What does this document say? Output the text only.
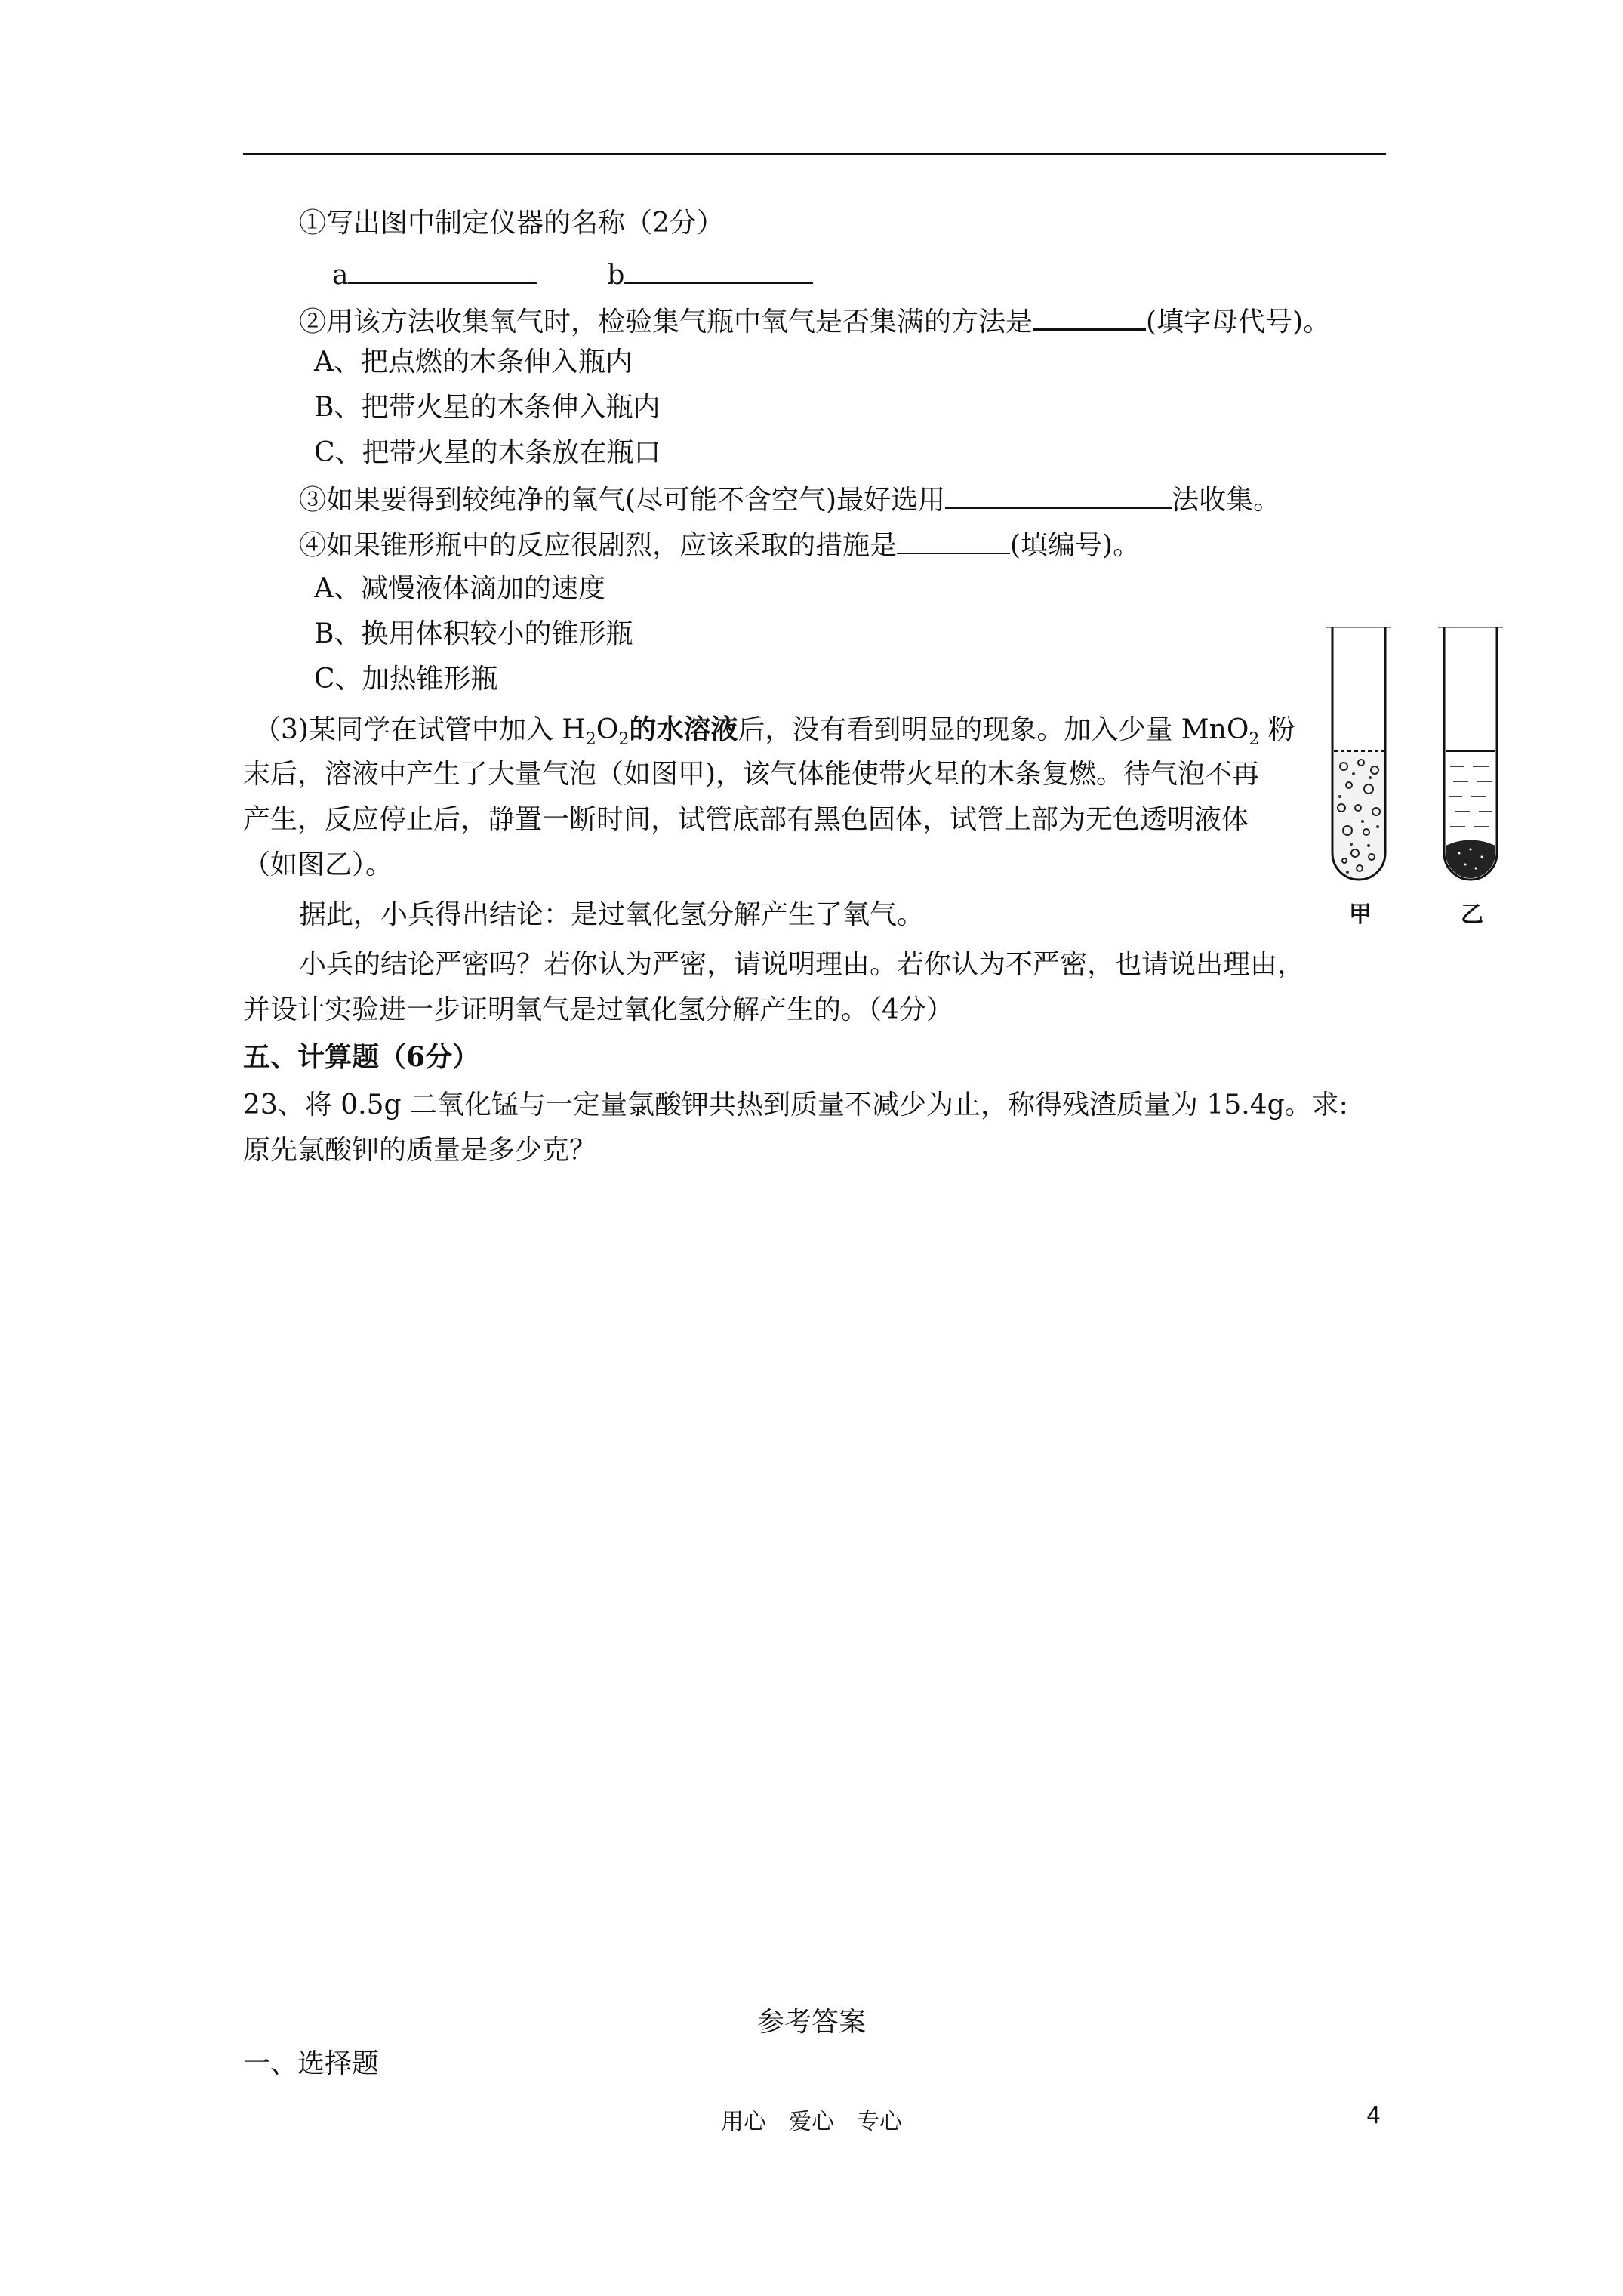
①写出图中制定仪器的名称（2分）
a	b
②用该方法收集氧气时，检验集气瓶中氧气是否集满的方法是	(填字母代号)。
A、把点燃的木条伸入瓶内
B、把带火星的木条伸入瓶内
C、把带火星的木条放在瓶口
③如果要得到较纯净的氧气(尽可能不含空气)最好选用	法收集。
④如果锥形瓶中的反应很剧烈，应该采取的措施是	(填编号)。
A、减慢液体滴加的速度
B、换用体积较小的锥形瓶
C、加热锥形瓶
（3)某同学在试管中加入 $H_2O_2$的水溶液后，没有看到明显的现象。加入少量 MnO$_2$ 粉
末后，溶液中产生了大量气泡（如图甲)，该气体能使带火星的木条复燃。待气泡不再
产生，反应停止后，静置一断时间，试管底部有黑色固体，试管上部为无色透明液体
（如图乙）。
据此，小兵得出结论：是过氧化氢分解产生了氧气。
小兵的结论严密吗？若你认为严密，请说明理由。若你认为不严密，也请说出理由，
并设计实验进一步证明氧气是过氧化氢分解产生的。（4分）
甲	乙
五、计算题（6分）
23、将 0.5g 二氧化锰与一定量氯酸钾共热到质量不减少为止，称得残渣质量为 15.4g。求:
原先氯酸钾的质量是多少克？
参考答案
一、选择题
用心　爱心　专心	4
